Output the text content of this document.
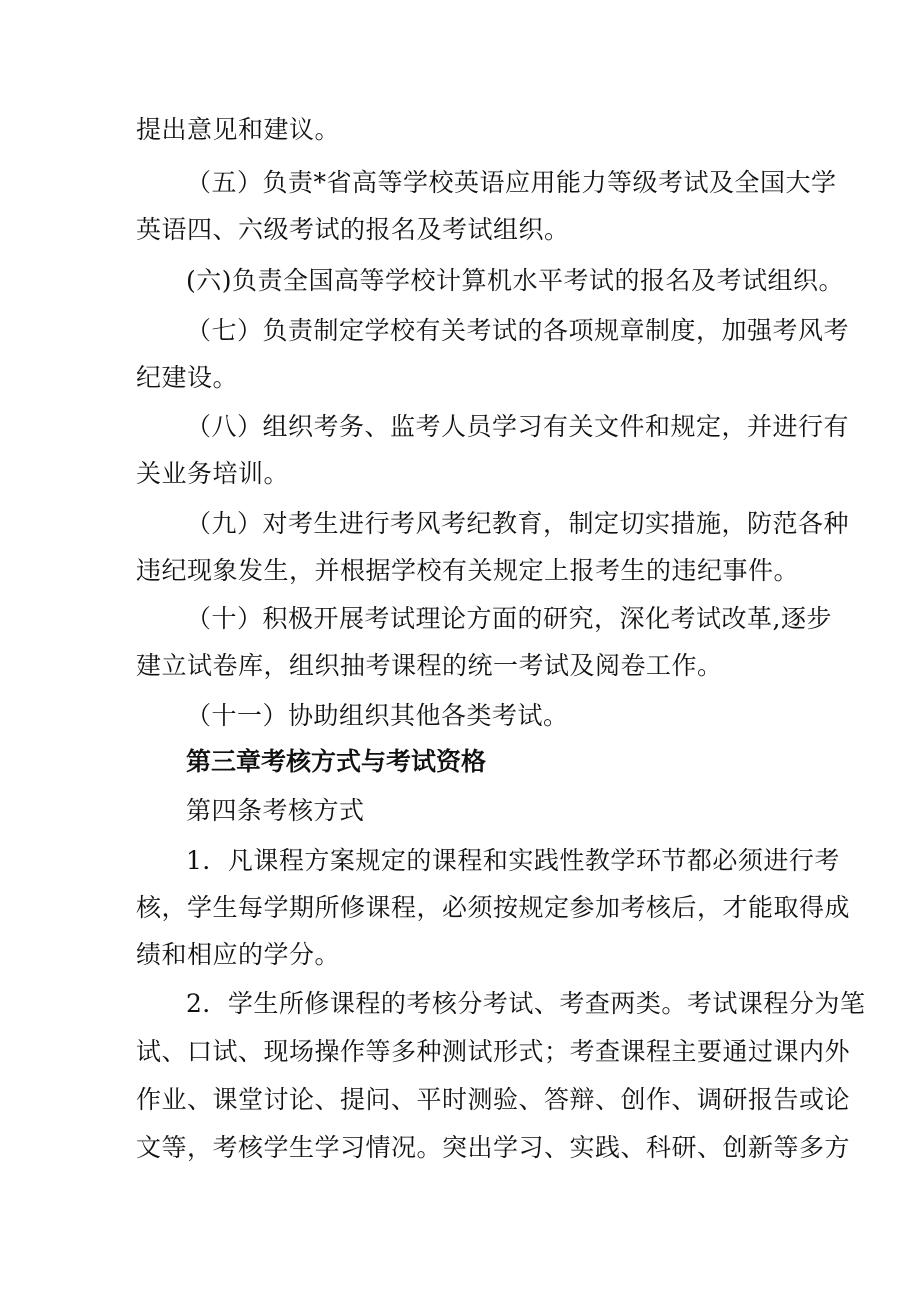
提出意见和建议。
（五）负责*省高等学校英语应用能力等级考试及全国大学
英语四、六级考试的报名及考试组织。
(六)负责全国高等学校计算机水平考试的报名及考试组织。
（七）负责制定学校有关考试的各项规章制度，加强考风考
纪建设。
（八）组织考务、监考人员学习有关文件和规定，并进行有
关业务培训。
（九）对考生进行考风考纪教育，制定切实措施，防范各种
违纪现象发生，并根据学校有关规定上报考生的违纪事件。
（十）积极开展考试理论方面的研究，深化考试改革,逐步
建立试卷库，组织抽考课程的统一考试及阅卷工作。
（十一）协助组织其他各类考试。
第三章考核方式与考试资格
第四条考核方式
1．凡课程方案规定的课程和实践性教学环节都必须进行考
核，学生每学期所修课程，必须按规定参加考核后，才能取得成
绩和相应的学分。
2．学生所修课程的考核分考试、考查两类。考试课程分为笔
试、口试、现场操作等多种测试形式；考查课程主要通过课内外
作业、课堂讨论、提问、平时测验、答辩、创作、调研报告或论
文等，考核学生学习情况。突出学习、实践、科研、创新等多方
